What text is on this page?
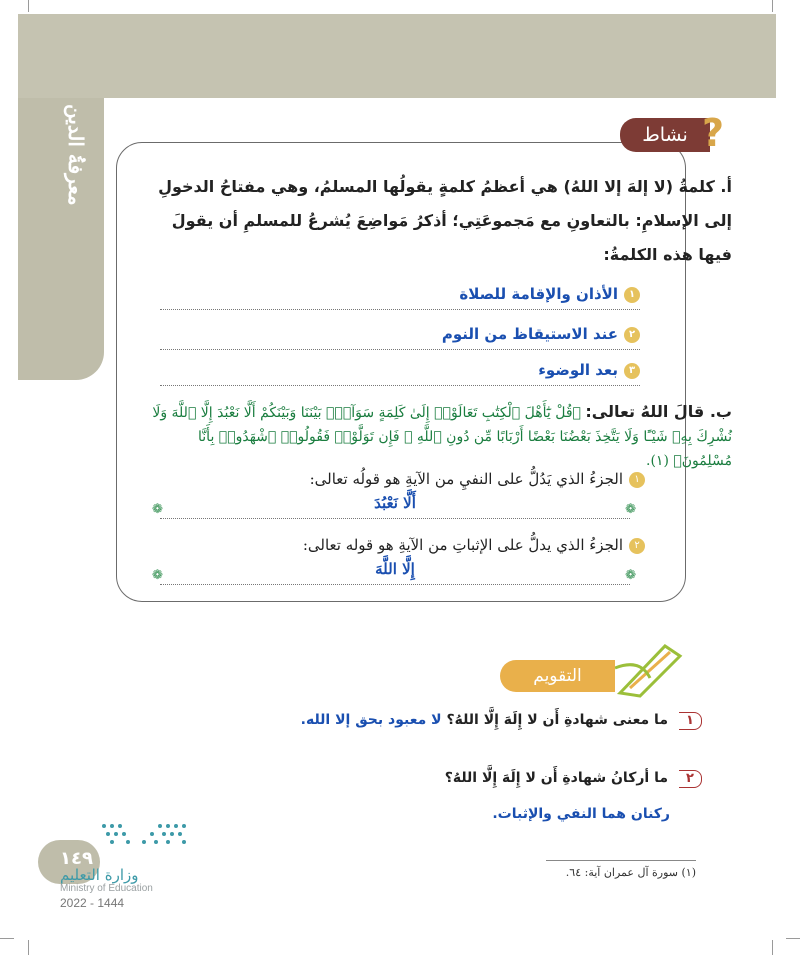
معرفةُ الدين	نشاط ?
أ. كلمةُ (لا إلهَ إلا اللهُ) هي أعظمُ كلمةٍ يقولُها المسلمُ، وهي مفتاحُ الدخولِ إلى الإسلامِ: بالتعاونِ مع مَجموعَتِي؛ أذكرُ مَواضِعَ يُشرعُ للمسلمِ أن يقولَ فيها هذه الكلمةُ:
١الأذان والإقامة للصلاة
٢عند الاستيقاظ من النوم
٣بعد الوضوء
ب. قالَ اللهُ تعالى: ﴿قُلْ يَٰٓأَهْلَ ٱلْكِتَٰبِ تَعَالَوْا۟ إِلَىٰ كَلِمَةٍ سَوَآءٍۭ بَيْنَنَا وَبَيْنَكُمْ أَلَّا نَعْبُدَ إِلَّا ٱللَّهَ وَلَا نُشْرِكَ بِهِۦ شَيْـًٔا وَلَا يَتَّخِذَ بَعْضُنَا بَعْضًا أَرْبَابًا مِّن دُونِ ٱللَّهِ ۚ فَإِن تَوَلَّوْا۟ فَقُولُوا۟ ٱشْهَدُوا۟ بِأَنَّا مُسْلِمُونَ﴾ (١).
١الجزءُ الذي يَدُلُّ على النفيِ من الآيةِ هو قولُه تعالى:
❁
❁	أَلَّا نَعْبُدَ
٢الجزءُ الذي يدلُّ على الإثباتِ من الآيةِ هو قوله تعالى:
❁
❁	إِلَّا اللَّهَ
التقويم
١
ما معنى شهادةِ أَن لا إِلَهَ إِلَّا اللهُ؟ لا معبود بحق إلا الله.
٢
ما أركانُ شهادةِ أَن لا إِلَهَ إِلَّا اللهُ؟
ركنان هما النفي والإثبات.
(١) سورة آل عمران آية: ٦٤.
١٤٩
وزارة التعليم
Ministry of Education
2022 - 1444
